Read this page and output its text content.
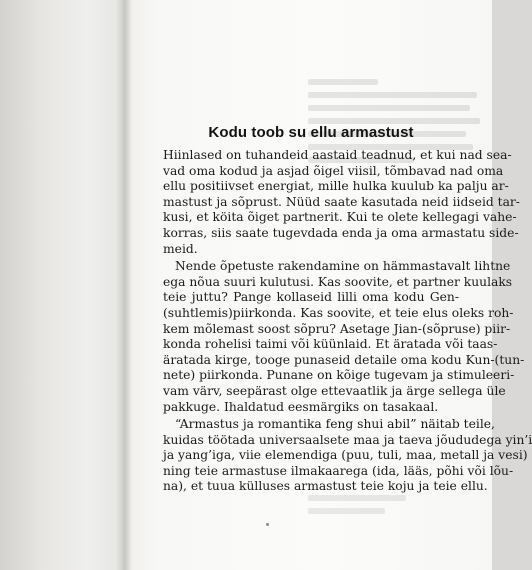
Kodu toob su ellu armastust

Hiinlased on tuhandeid aastaid teadnud, et kui nad sea-
vad oma kodud ja asjad õigel viisil, tõmbavad nad oma
ellu positiivset energiat, mille hulka kuulub ka palju ar-
mastust ja sõprust. Nüüd saate kasutada neid iidseid tar-
kusi, et köita õiget partnerit. Kui te olete kellegagi vahe-
korras, siis saate tugevdada enda ja oma armastatu side-
meid.

Nende õpetuste rakendamine on hämmastavalt lihtne
ega nõua suuri kulutusi. Kas soovite, et partner kuulaks
teie juttu? Pange kollaseid lilli oma kodu Gen-
(suhtlemis)piirkonda. Kas soovite, et teie elus oleks roh-
kem mõlemast soost sõpru? Asetage Jian-(sõpruse) piir-
konda rohelisi taimi või küünlaid. Et äratada või taas-
äratada kirge, tooge punaseid detaile oma kodu Kun-(tun-
nete) piirkonda. Punane on kõige tugevam ja stimuleeri-
vam värv, seepärast olge ettevaatlik ja ärge sellega üle
pakkuge. Ihaldatud eesmärgiks on tasakaal.

“Armastus ja romantika feng shui abil” näitab teile,
kuidas töötada universaalsete maa ja taeva jõududega yin’i
ja yang’iga, viie elemendiga (puu, tuli, maa, metall ja vesi)
ning teie armastuse ilmakaarega (ida, lääs, põhi või lõu-
na), et tuua külluses armastust teie koju ja teie ellu.
